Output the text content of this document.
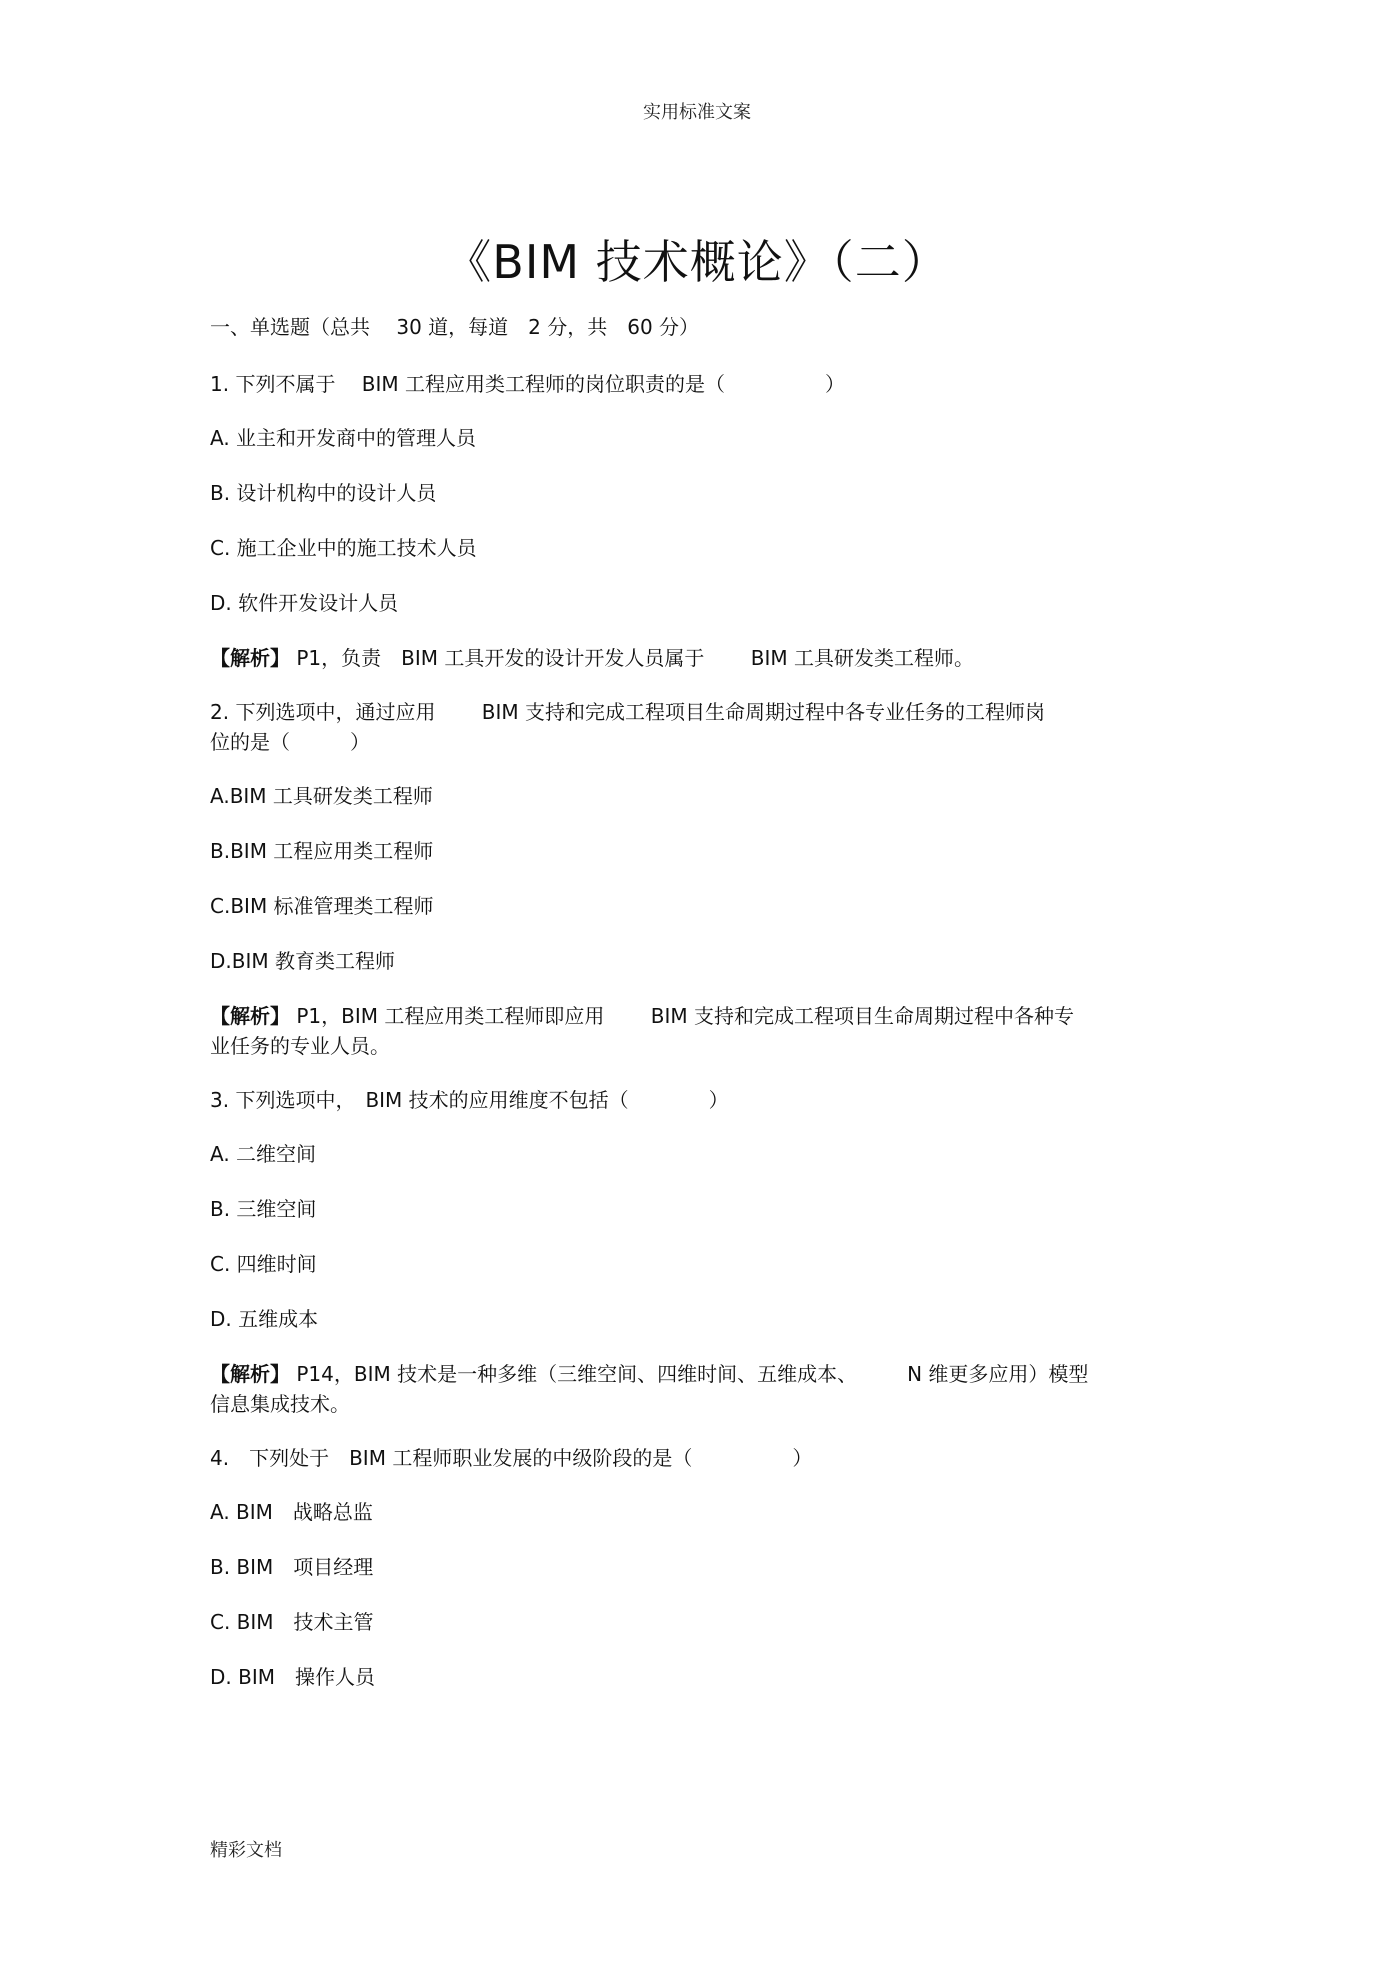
实用标准文案
《BIM 技术概论》（二）

一、单选题（总共　 30 道，每道　2 分，共　60 分）

1. 下列不属于　 BIM 工程应用类工程师的岗位职责的是（　　　　　）

A. 业主和开发商中的管理人员

B. 设计机构中的设计人员

C. 施工企业中的施工技术人员

D. 软件开发设计人员

【解析】 P1，负责　BIM 工具开发的设计开发人员属于　　 BIM 工具研发类工程师。

2. 下列选项中，通过应用　　 BIM 支持和完成工程项目生命周期过程中各专业任务的工程师岗
位的是（　　　）

A.BIM 工具研发类工程师

B.BIM 工程应用类工程师

C.BIM 标准管理类工程师

D.BIM 教育类工程师

【解析】 P1，BIM 工程应用类工程师即应用　　 BIM 支持和完成工程项目生命周期过程中各种专
业任务的专业人员。

3. 下列选项中，　BIM 技术的应用维度不包括（　　　　）

A. 二维空间

B. 三维空间

C. 四维时间

D. 五维成本

【解析】 P14，BIM 技术是一种多维（三维空间、四维时间、五维成本、　　　N 维更多应用）模型
信息集成技术。

4.　下列处于　BIM 工程师职业发展的中级阶段的是（　　　　　）

A. BIM　战略总监

B. BIM　项目经理

C. BIM　技术主管

D. BIM　操作人员

精彩文档
